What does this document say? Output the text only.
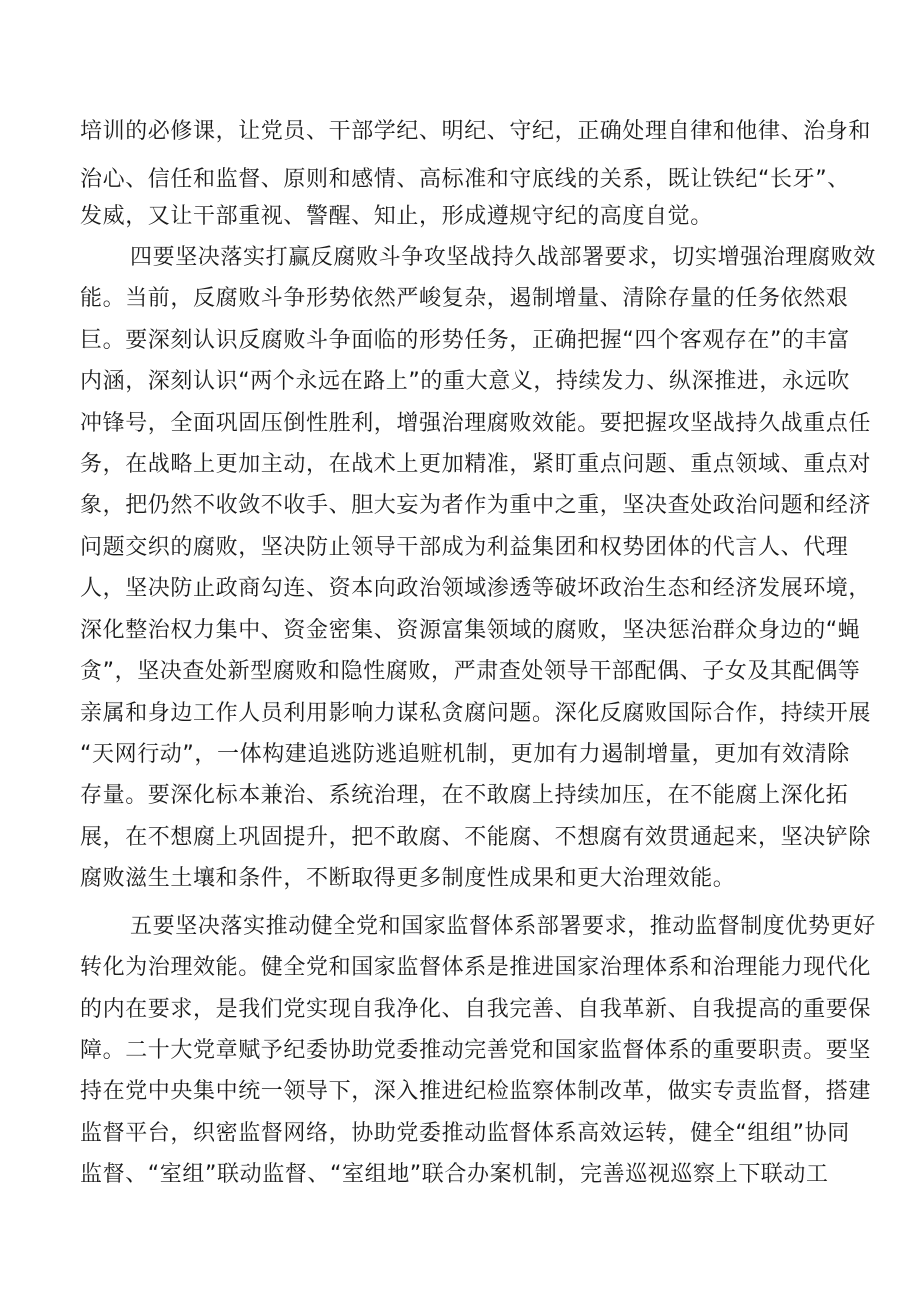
培训的必修课，让党员、干部学纪、明纪、守纪，正确处理自律和他律、治身和
治心、信任和监督、原则和感情、高标准和守底线的关系，既让铁纪“长牙”、
发威，又让干部重视、警醒、知止，形成遵规守纪的高度自觉。
四要坚决落实打赢反腐败斗争攻坚战持久战部署要求，切实增强治理腐败效
能。当前，反腐败斗争形势依然严峻复杂，遏制增量、清除存量的任务依然艰
巨。要深刻认识反腐败斗争面临的形势任务，正确把握“四个客观存在”的丰富
内涵，深刻认识“两个永远在路上”的重大意义，持续发力、纵深推进，永远吹
冲锋号，全面巩固压倒性胜利，增强治理腐败效能。要把握攻坚战持久战重点任
务，在战略上更加主动，在战术上更加精准，紧盯重点问题、重点领域、重点对
象，把仍然不收敛不收手、胆大妄为者作为重中之重，坚决查处政治问题和经济
问题交织的腐败，坚决防止领导干部成为利益集团和权势团体的代言人、代理
人，坚决防止政商勾连、资本向政治领域渗透等破坏政治生态和经济发展环境，
深化整治权力集中、资金密集、资源富集领域的腐败，坚决惩治群众身边的“蝇
贪”，坚决查处新型腐败和隐性腐败，严肃查处领导干部配偶、子女及其配偶等
亲属和身边工作人员利用影响力谋私贪腐问题。深化反腐败国际合作，持续开展
“天网行动”，一体构建追逃防逃追赃机制，更加有力遏制增量，更加有效清除
存量。要深化标本兼治、系统治理，在不敢腐上持续加压，在不能腐上深化拓
展，在不想腐上巩固提升，把不敢腐、不能腐、不想腐有效贯通起来，坚决铲除
腐败滋生土壤和条件，不断取得更多制度性成果和更大治理效能。
五要坚决落实推动健全党和国家监督体系部署要求，推动监督制度优势更好
转化为治理效能。健全党和国家监督体系是推进国家治理体系和治理能力现代化
的内在要求，是我们党实现自我净化、自我完善、自我革新、自我提高的重要保
障。二十大党章赋予纪委协助党委推动完善党和国家监督体系的重要职责。要坚
持在党中央集中统一领导下，深入推进纪检监察体制改革，做实专责监督，搭建
监督平台，织密监督网络，协助党委推动监督体系高效运转，健全“组组”协同
监督、“室组”联动监督、“室组地”联合办案机制，完善巡视巡察上下联动工
